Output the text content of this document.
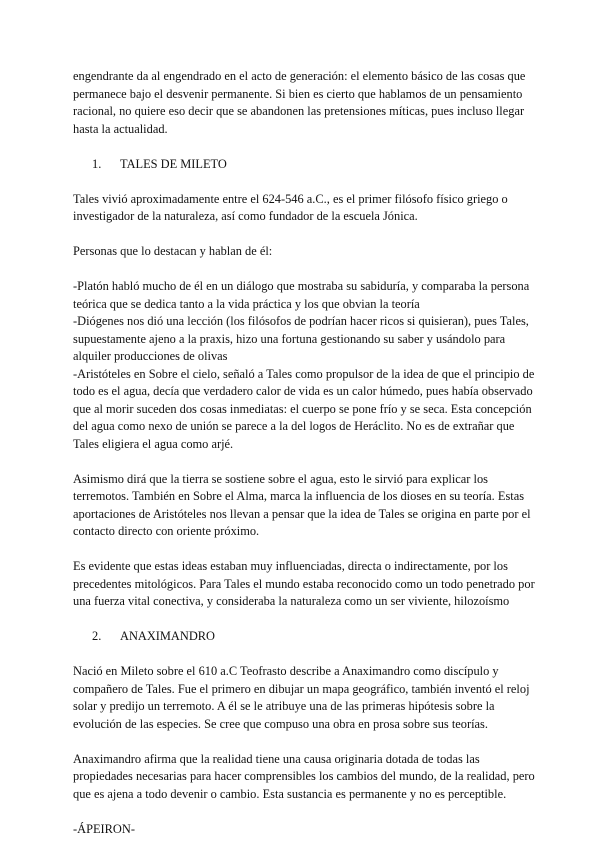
engendrante da al engendrado en el acto de generación: el elemento básico de las cosas que
permanece bajo el desvenir permanente. Si bien es cierto que hablamos de un pensamiento
racional, no quiere eso decir que se abandonen las pretensiones míticas, pues incluso llegar
hasta la actualidad.

1.	TALES DE MILETO

Tales vivió aproximadamente entre el 624-546 a.C., es el primer filósofo físico griego o
investigador de la naturaleza, así como fundador de la escuela Jónica.

Personas que lo destacan y hablan de él:

-Platón habló mucho de él en un diálogo que mostraba su sabiduría, y comparaba la persona
teórica que se dedica tanto a la vida práctica y los que obvian la teoría
-Diógenes nos dió una lección (los filósofos de podrían hacer ricos si quisieran), pues Tales,
supuestamente ajeno a la praxis, hizo una fortuna gestionando su saber y usándolo para
alquiler producciones de olivas
-Aristóteles en Sobre el cielo, señaló a Tales como propulsor de la idea de que el principio de
todo es el agua, decía que verdadero calor de vida es un calor húmedo, pues había observado
que al morir suceden dos cosas inmediatas: el cuerpo se pone frío y se seca. Esta concepción
del agua como nexo de unión se parece a la del logos de Heráclito. No es de extrañar que
Tales eligiera el agua como arjé.

Asimismo dirá que la tierra se sostiene sobre el agua, esto le sirvió para explicar los
terremotos. También en Sobre el Alma, marca la influencia de los dioses en su teoría. Estas
aportaciones de Aristóteles nos llevan a pensar que la idea de Tales se origina en parte por el
contacto directo con oriente próximo.

Es evidente que estas ideas estaban muy influenciadas, directa o indirectamente, por los
precedentes mitológicos. Para Tales el mundo estaba reconocido como un todo penetrado por
una fuerza vital conectiva, y consideraba la naturaleza como un ser viviente, hilozoísmo

2.	ANAXIMANDRO

Nació en Mileto sobre el 610 a.C Teofrasto describe a Anaximandro como discípulo y
compañero de Tales. Fue el primero en dibujar un mapa geográfico, también inventó el reloj
solar y predijo un terremoto. A él se le atribuye una de las primeras hipótesis sobre la
evolución de las especies. Se cree que compuso una obra en prosa sobre sus teorías.

Anaximandro afirma que la realidad tiene una causa originaria dotada de todas las
propiedades necesarias para hacer comprensibles los cambios del mundo, de la realidad, pero
que es ajena a todo devenir o cambio. Esta sustancia es permanente y no es perceptible.

-ÁPEIRON-
